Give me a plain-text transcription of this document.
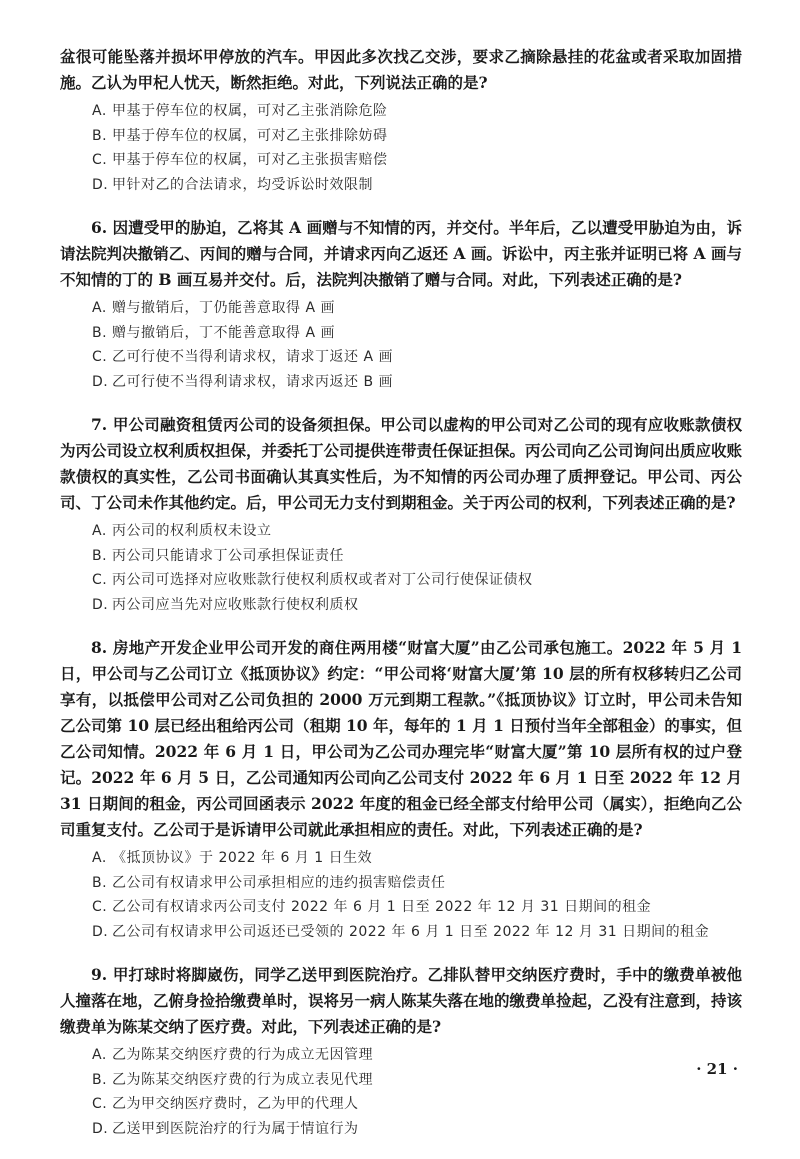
盆很可能坠落并损坏甲停放的汽车。甲因此多次找乙交涉，要求乙摘除悬挂的花盆或者采取加固措施。乙认为甲杞人忧天，断然拒绝。对此，下列说法正确的是?

A. 甲基于停车位的权属，可对乙主张消除危险
B. 甲基于停车位的权属，可对乙主张排除妨碍
C. 甲基于停车位的权属，可对乙主张损害赔偿
D. 甲针对乙的合法请求，均受诉讼时效限制

6. 因遭受甲的胁迫，乙将其 A 画赠与不知情的丙，并交付。半年后，乙以遭受甲胁迫为由，诉请法院判决撤销乙、丙间的赠与合同，并请求丙向乙返还 A 画。诉讼中，丙主张并证明已将 A 画与不知情的丁的 B 画互易并交付。后，法院判决撤销了赠与合同。对此，下列表述正确的是?

A. 赠与撤销后，丁仍能善意取得 A 画
B. 赠与撤销后，丁不能善意取得 A 画
C. 乙可行使不当得利请求权，请求丁返还 A 画
D. 乙可行使不当得利请求权，请求丙返还 B 画

7. 甲公司融资租赁丙公司的设备须担保。甲公司以虚构的甲公司对乙公司的现有应收账款债权为丙公司设立权利质权担保，并委托丁公司提供连带责任保证担保。丙公司向乙公司询问出质应收账款债权的真实性，乙公司书面确认其真实性后，为不知情的丙公司办理了质押登记。甲公司、丙公司、丁公司未作其他约定。后，甲公司无力支付到期租金。关于丙公司的权利，下列表述正确的是?

A. 丙公司的权利质权未设立
B. 丙公司只能请求丁公司承担保证责任
C. 丙公司可选择对应收账款行使权利质权或者对丁公司行使保证债权
D. 丙公司应当先对应收账款行使权利质权

8. 房地产开发企业甲公司开发的商住两用楼“财富大厦”由乙公司承包施工。2022 年 5 月 1 日，甲公司与乙公司订立《抵顶协议》约定：“甲公司将‘财富大厦’第 10 层的所有权移转归乙公司享有，以抵偿甲公司对乙公司负担的 2000 万元到期工程款。”《抵顶协议》订立时，甲公司未告知乙公司第 10 层已经出租给丙公司（租期 10 年，每年的 1 月 1 日预付当年全部租金）的事实，但乙公司知情。2022 年 6 月 1 日，甲公司为乙公司办理完毕“财富大厦”第 10 层所有权的过户登记。2022 年 6 月 5 日，乙公司通知丙公司向乙公司支付 2022 年 6 月 1 日至 2022 年 12 月 31 日期间的租金，丙公司回函表示 2022 年度的租金已经全部支付给甲公司（属实），拒绝向乙公司重复支付。乙公司于是诉请甲公司就此承担相应的责任。对此，下列表述正确的是?

A. 《抵顶协议》于 2022 年 6 月 1 日生效
B. 乙公司有权请求甲公司承担相应的违约损害赔偿责任
C. 乙公司有权请求丙公司支付 2022 年 6 月 1 日至 2022 年 12 月 31 日期间的租金
D. 乙公司有权请求甲公司返还已受领的 2022 年 6 月 1 日至 2022 年 12 月 31 日期间的租金

9. 甲打球时将脚崴伤，同学乙送甲到医院治疗。乙排队替甲交纳医疗费时，手中的缴费单被他人撞落在地，乙俯身捡拾缴费单时，误将另一病人陈某失落在地的缴费单捡起，乙没有注意到，持该缴费单为陈某交纳了医疗费。对此，下列表述正确的是?

A. 乙为陈某交纳医疗费的行为成立无因管理
B. 乙为陈某交纳医疗费的行为成立表见代理
C. 乙为甲交纳医疗费时，乙为甲的代理人
D. 乙送甲到医院治疗的行为属于情谊行为
· 21 ·
